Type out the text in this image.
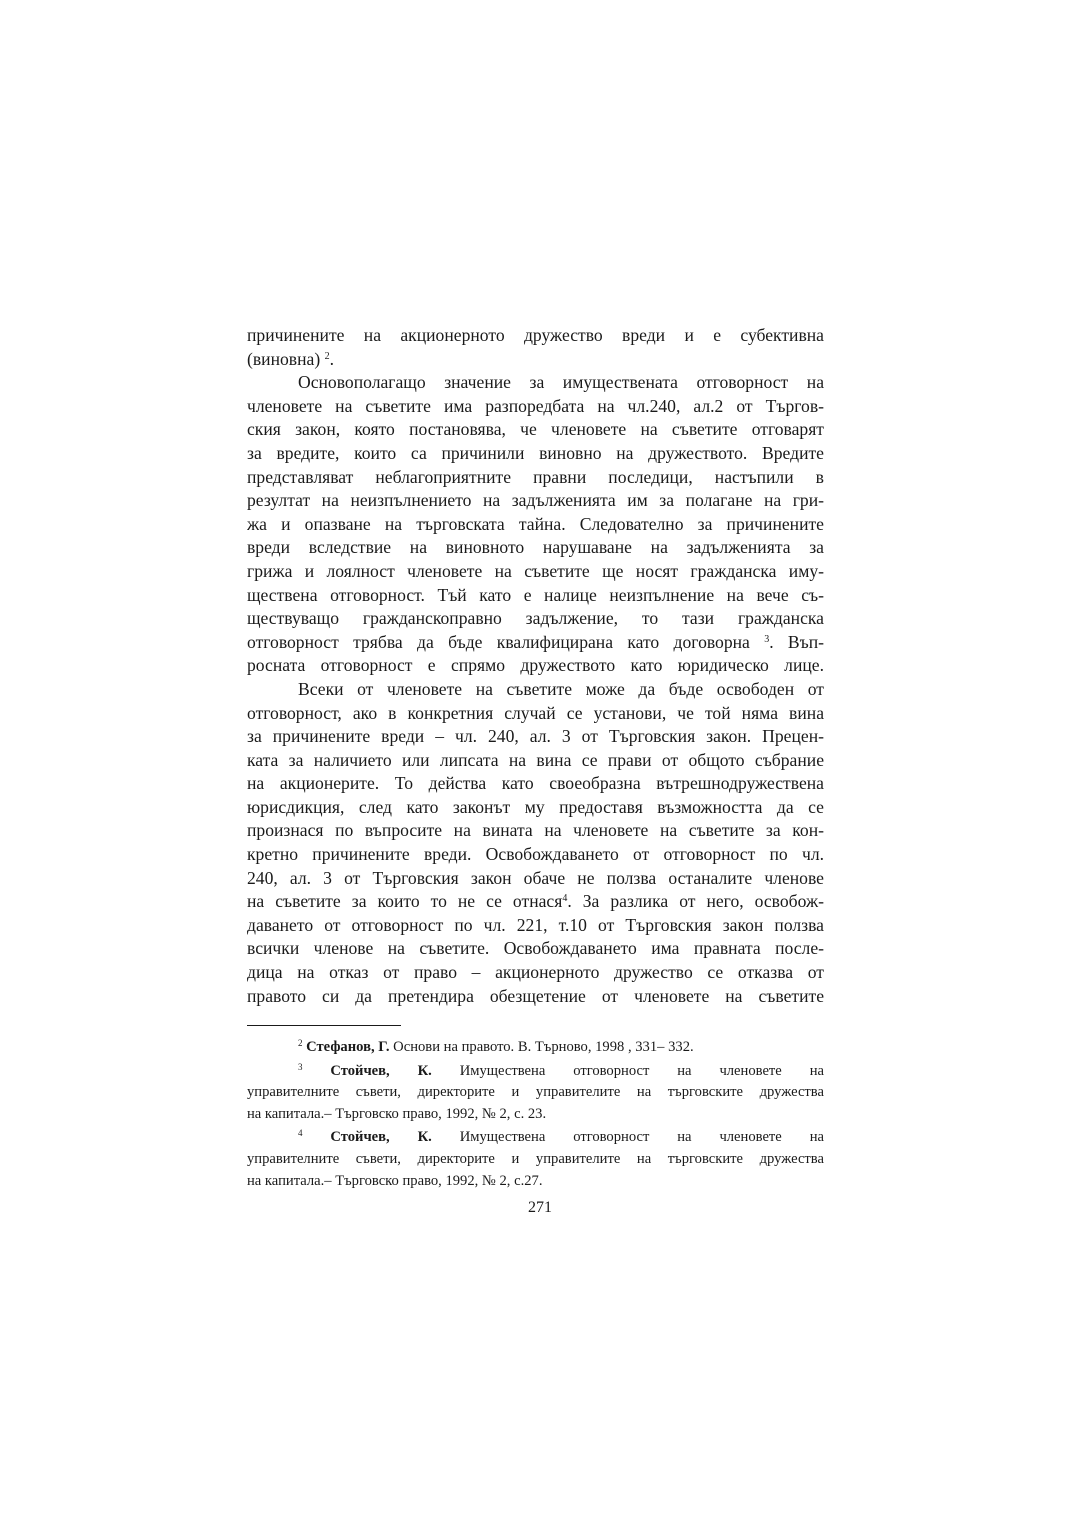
причинените на акционерното дружество вреди и е субективна
(виновна) $^2$.
Основополагащо значение за имуществената отговорност на
членовете на съветите има разпоредбата на чл.240, ал.2 от Търгов-
ския закон, която постановява, че членовете на съветите отговарят
за вредите, които са причинили виновно на дружеството. Вредите
представляват неблагоприятните правни последици, настъпили в
резултат на неизпълнението на задълженията им за полагане на гри-
жа и опазване на търговската тайна. Следователно за причинените
вреди вследствие на виновното нарушаване на задълженията за
грижа и лоялност членовете на съветите ще носят гражданска иму-
ществена отговорност. Тъй като е налице неизпълнение на вече съ-
ществуващо гражданскоправно задължение, то тази гражданска
отговорност трябва да бъде квалифицирана като договорна $^3$. Въп-
росната отговорност е спрямо дружеството като юридическо лице.
Всеки от членовете на съветите може да бъде освободен от
отговорност, ако в конкретния случай се установи, че той няма вина
за причинените вреди – чл. 240, ал. 3 от Търговския закон. Прецен-
ката за наличието или липсата на вина се прави от общото събрание
на акционерите. То действа като своеобразна вътрешнодружествена
юрисдикция, след като законът му предоставя възможността да се
произнася по въпросите на вината на членовете на съветите за кон-
кретно причинените вреди. Освобождаването от отговорност по чл.
240, ал. 3 от Търговския закон обаче не ползва останалите членове
на съветите за които то не се отнася$^4$. За разлика от него, освобож-
даването от отговорност по чл. 221, т.10 от Търговския закон ползва
всички членове на съветите. Освобождаването има правната после-
дица на отказ от право – акционерното дружество се отказва от
правото си да претендира обезщетение от членовете на съветите
$^2$ Стефанов, Г. Основи на правото. В. Търново, 1998 , 331– 332.
$^3$ Стойчев, К. Имуществена отговорност на членовете на
управителните съвети, директорите и управителите на търговските дружества
на капитала.– Търговско право, 1992, № 2, с. 23.
$^4$ Стойчев, К. Имуществена отговорност на членовете на
управителните съвети, директорите и управителите на търговските дружества
на капитала.– Търговско право, 1992, № 2, с.27.
271
